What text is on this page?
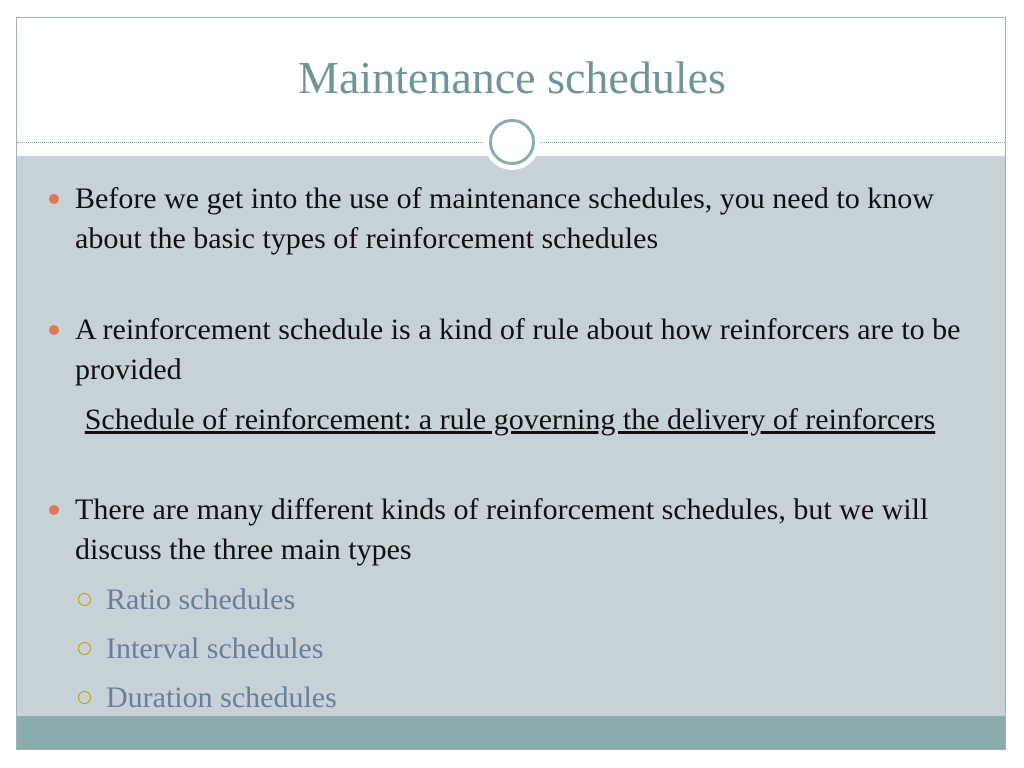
Maintenance schedules
Before we get into the use of maintenance schedules, you need to know about the basic types of reinforcement schedules
A reinforcement schedule is a kind of rule about how reinforcers are to be provided
Schedule of reinforcement: a rule governing the delivery of reinforcers
There are many different kinds of reinforcement schedules, but we will discuss the three main types
Ratio schedules
Interval schedules
Duration schedules
